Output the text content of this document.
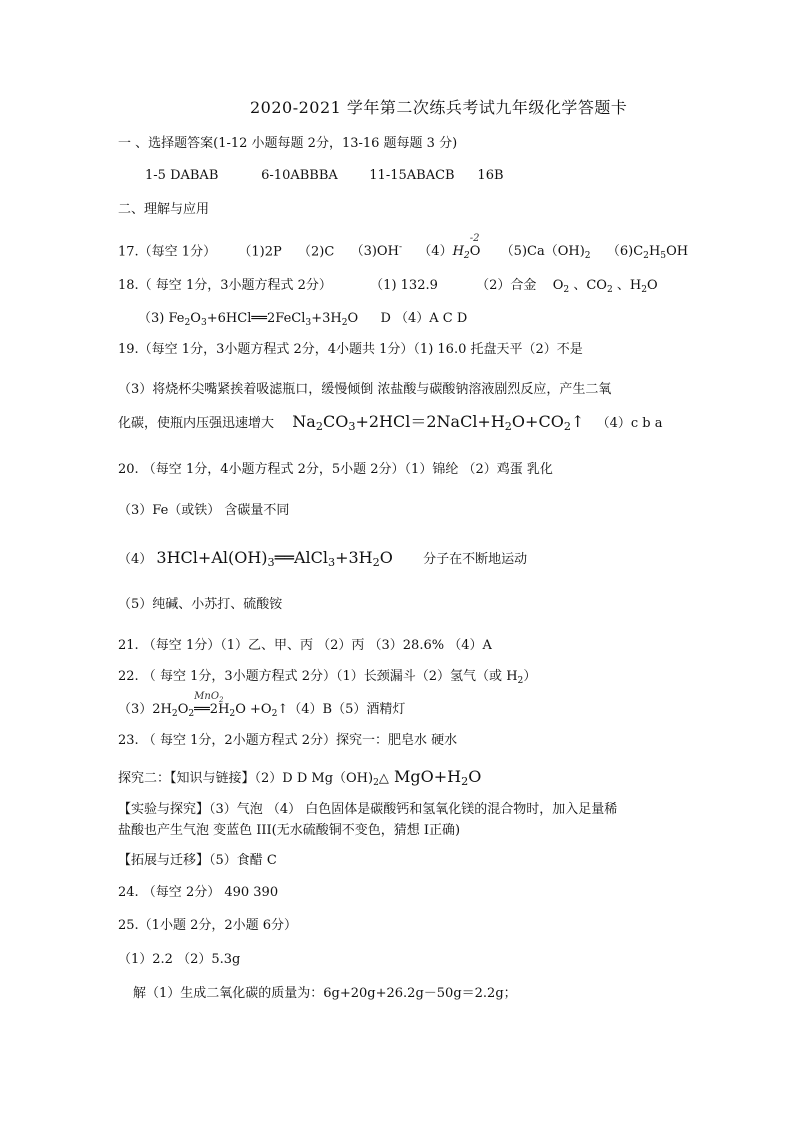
2020-2021 学年第二次练兵考试九年级化学答题卡
一 、选择题答案(1-12 小题每题 2分，13-16 题每题 3 分)
1-5 DABAB	6-10ABBBA 11-15ABACB 16B
二、理解与应用
17.（每空 1分） （1)2P （2)C （3)OH- $(4)H_2$
-2
O $(5)Ca(OH)_2$ $(6)C_2H_5OH$
18.（ 每空 1分，3小题方程式 2分）	（1) 132.9	（2）合金 $O_2$ 、$CO_2$ 、$H_2O$
（3) $Fe_2O_3+6HCl══2FeCl_3+3H_2O$ D （4）A C D
19.（每空 1分，3小题方程式 2分，4小题共 1分）（1) 16.0 托盘天平（2）不是
（3）将烧杯尖嘴紧挨着吸滤瓶口，缓慢倾倒 浓盐酸与碳酸钠溶液剧烈反应，产生二氧
化碳，使瓶内压强迅速增大 $Na_2CO_3+2HCl=2NaCl+H_2O+CO_2↑$ （4）c b a
20. （每空 1分，4小题方程式 2分，5小题 2分）（1）锦纶 （2）鸡蛋 乳化
（3）Fe（或铁） 含碳量不同
（4） $3HCl+Al(OH)_3══AlCl_3+3H_2O$ 分子在不断地运动
（5）纯碱、小苏打、硫酸铵
21. （每空 1分）（1）乙、甲、丙 （2）丙 （3）28.6% （4）A
22. （ 每空 1分，3小题方程式 2分）（1）长颈漏斗（2）氢气（或 $H_2$）
$(3)2H_2O_2$
MnO$_2$
$══2H_2O$ $+O_2↑(4)B(5)$酒精灯
23. （ 每空 1分，2小题方程式 2分）探究一：肥皂水 硬水
探究二：【知识与链接】（2）D D $Mg(OH)_2\triangle$ $MgO+H_2O$
【实验与探究】（3）气泡 （4） 白色固体是碳酸钙和氢氧化镁的混合物时，加入足量稀
盐酸也产生气泡 变蓝色 III(无水硫酸铜不变色，猜想 I正确)
【拓展与迁移】（5）食醋 C
24. （每空 2分） 490 390
25.（1小题 2分，2小题 6分）
（1）2.2 （2）5.3g
解（1）生成二氧化碳的质量为：6g+20g+26.2g－50g＝2.2g；
